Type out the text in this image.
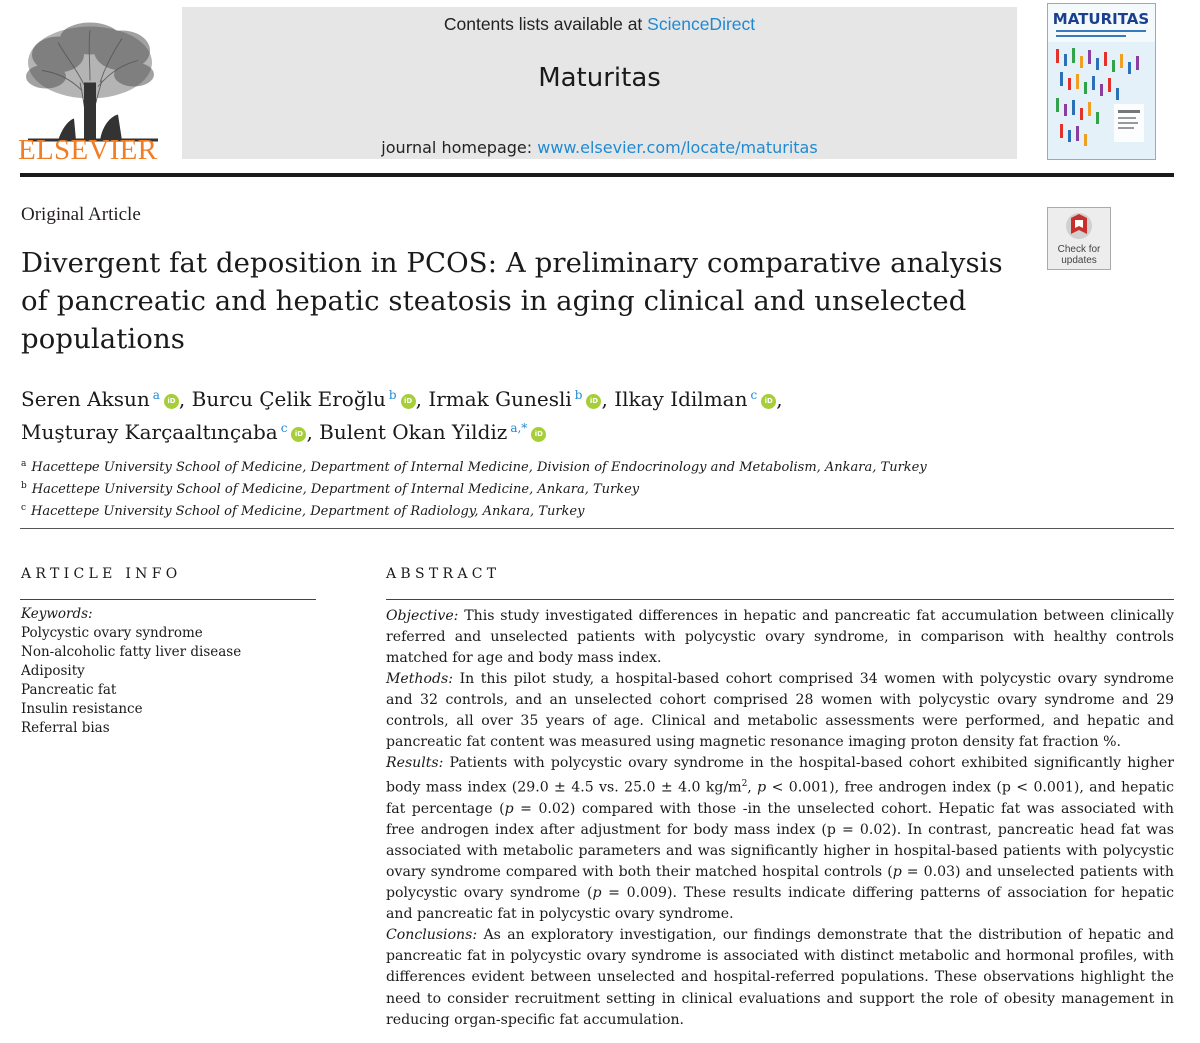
ELSEVIER
Contents lists available at ScienceDirect
Maturitas
journal homepage: www.elsevier.com/locate/maturitas
MATURITAS
Original Article
Divergent fat deposition in PCOS: A preliminary comparative analysis of pancreatic and hepatic steatosis in aging clinical and unselected populations
Check for
updates
Seren Aksun $^a$ iD , Burcu Çelik Eroğlu $^b$ iD , Irmak Gunesli $^b$ iD , Ilkay Idilman $^c$ iD ,
Muşturay Karçaaltınçaba $^c$ iD , Bulent Okan Yildiz $^{a,*}$ iD
$^a$ Hacettepe University School of Medicine, Department of Internal Medicine, Division of Endocrinology and Metabolism, Ankara, Turkey
$^b$ Hacettepe University School of Medicine, Department of Internal Medicine, Ankara, Turkey
$^c$ Hacettepe University School of Medicine, Department of Radiology, Ankara, Turkey
ARTICLE INFO
Keywords:
Polycystic ovary syndrome
Non-alcoholic fatty liver disease
Adiposity
Pancreatic fat
Insulin resistance
Referral bias
ABSTRACT

Objective: This study investigated differences in hepatic and pancreatic fat accumulation between clinically referred and unselected patients with polycystic ovary syndrome, in comparison with healthy controls matched for age and body mass index.

Methods: In this pilot study, a hospital-based cohort comprised 34 women with polycystic ovary syndrome and 32 controls, and an unselected cohort comprised 28 women with polycystic ovary syndrome and 29 controls, all over 35 years of age. Clinical and metabolic assessments were performed, and hepatic and pancreatic fat content was measured using magnetic resonance imaging proton density fat fraction %.

Results: Patients with polycystic ovary syndrome in the hospital-based cohort exhibited significantly higher body mass index (29.0 ± 4.5 vs. 25.0 ± 4.0 $kg/m^2$, p < 0.001), free androgen index (p < 0.001), and hepatic fat percentage (p = 0.02) compared with those -in the unselected cohort. Hepatic fat was associated with free androgen index after adjustment for body mass index (p = 0.02). In contrast, pancreatic head fat was associated with metabolic parameters and was significantly higher in hospital-based patients with polycystic ovary syndrome compared with both their matched hospital controls (p = 0.03) and unselected patients with polycystic ovary syndrome (p = 0.009). These results indicate differing patterns of association for hepatic and pancreatic fat in polycystic ovary syndrome.

Conclusions: As an exploratory investigation, our findings demonstrate that the distribution of hepatic and pancreatic fat in polycystic ovary syndrome is associated with distinct metabolic and hormonal profiles, with differences evident between unselected and hospital-referred populations. These observations highlight the need to consider recruitment setting in clinical evaluations and support the role of obesity management in reducing organ-specific fat accumulation.
